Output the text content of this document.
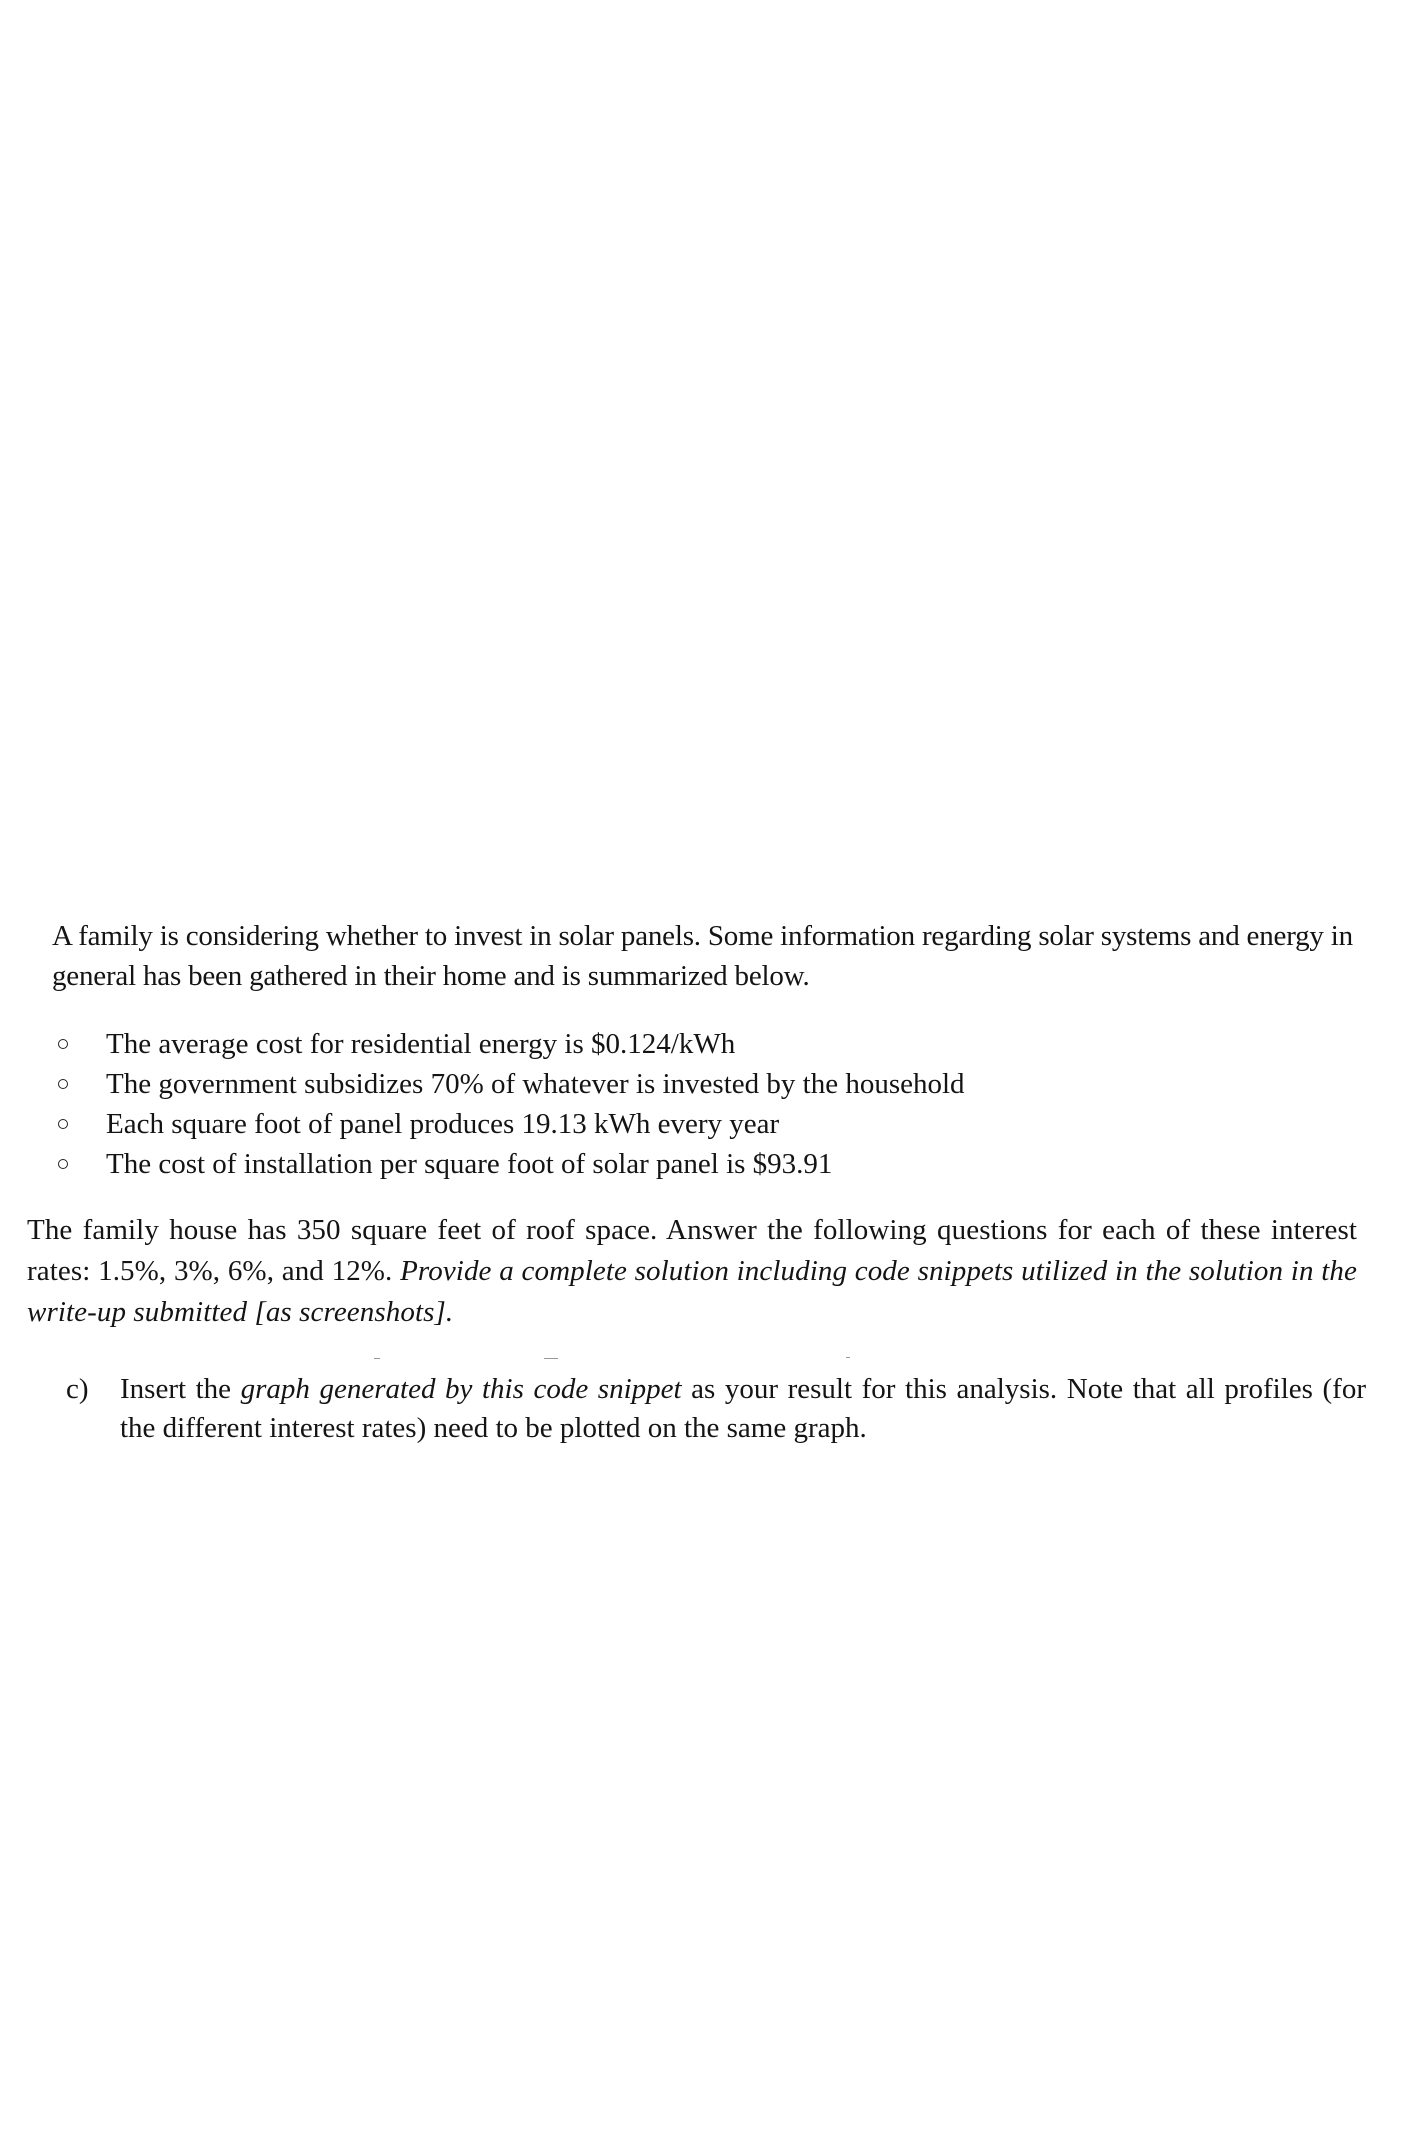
A family is considering whether to invest in solar panels. Some information regarding solar systems and energy in general has been gathered in their home and is summarized below.

The average cost for residential energy is $0.124/kWh
The government subsidizes 70% of whatever is invested by the household
Each square foot of panel produces 19.13 kWh every year
The cost of installation per square foot of solar panel is $93.91

The family house has 350 square feet of roof space. Answer the following questions for each of these interest rates: 1.5%, 3%, 6%, and 12%. Provide a complete solution including code snippets utilized in the solution in the write-up submitted [as screenshots].

c) Insert the graph generated by this code snippet as your result for this analysis. Note that all profiles (for the different interest rates) need to be plotted on the same graph.
